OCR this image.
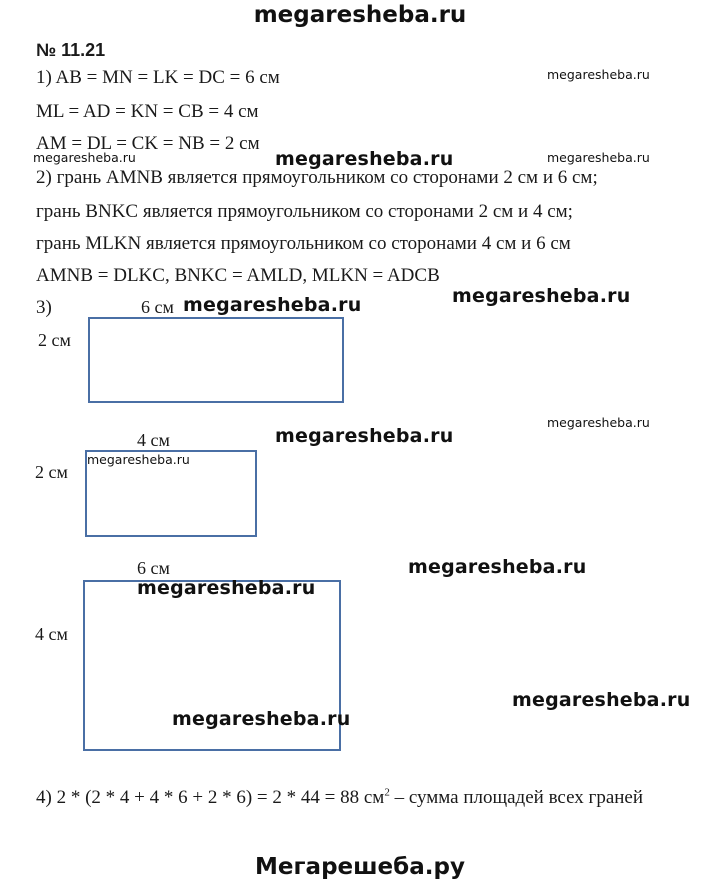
megaresheba.ru
№ 11.21
1) AB = MN = LK = DC = 6 см
ML = AD = KN = CB = 4 см
AM = DL = CK = NB = 2 см
2) грань AMNB является прямоугольником со сторонами 2 см и 6 см;
грань BNKC является прямоугольником со сторонами 2 см и 4 см;
грань MLKN является прямоугольником со сторонами 4 см и 6 см
AMNB = DLKC, BNKC = AMLD, MLKN = ADCB
3)	6 см
2 см
4 см
2 см
6 см
4 см
4) 2 * (2 * 4 + 4 * 6 + 2 * 6) = 2 * 44 = 88 $см^2$ – сумма площадей всех граней
megaresheba.ru
megaresheba.ru	megaresheba.ru
megaresheba.ru
megaresheba.ru
megaresheba.ru
megaresheba.ru
megaresheba.ru
megaresheba.ru
megaresheba.ru	megaresheba.ru
megaresheba.ru
megaresheba.ru
Мегарешеба.ру
